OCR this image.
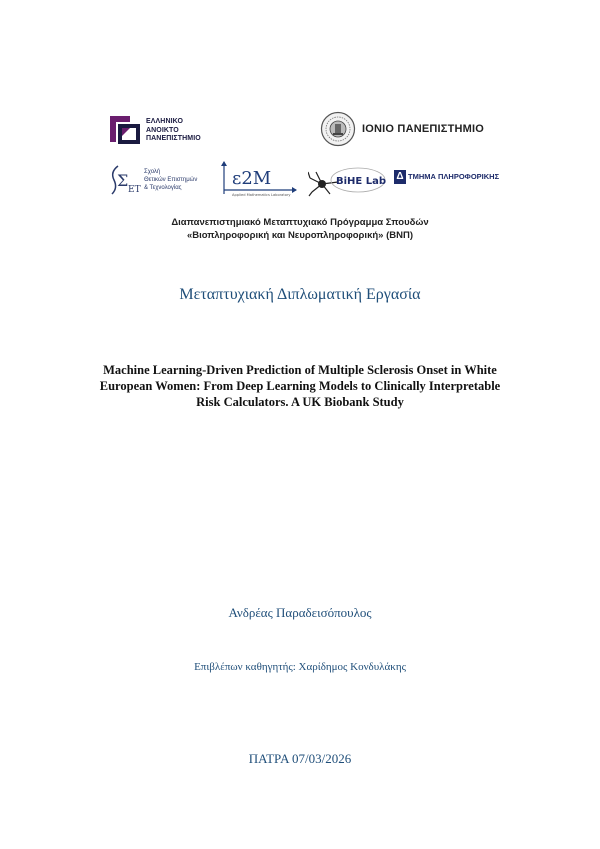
ΕΛΛΗΝΙΚΟ
ΑΝΟΙΚΤΟ
ΠΑΝΕΠΙΣΤΗΜΙΟ
ΙΟΝΙΟ ΠΑΝΕΠΙΣΤΗΜΙΟ
Σ ΕΤ
Σχολή
Θετικών Επιστημών
& Τεχνολογίας	ε2M
Applied Mathematics Laboratory
BiHE Lab Δ ΤΜΗΜΑ ΠΛΗΡΟΦΟΡΙΚΗΣ
Διαπανεπιστημιακό Μεταπτυχιακό Πρόγραμμα Σπουδών
«Βιοπληροφορική και Νευροπληροφορική» (ΒΝΠ)
Μεταπτυχιακή Διπλωματική Εργασία
Machine Learning-Driven Prediction of Multiple Sclerosis Onset in White
European Women: From Deep Learning Models to Clinically Interpretable
Risk Calculators. A UK Biobank Study
Ανδρέας Παραδεισόπουλος
Επιβλέπων καθηγητής: Χαρίδημος Κονδυλάκης
ΠΑΤΡΑ 07/03/2026
